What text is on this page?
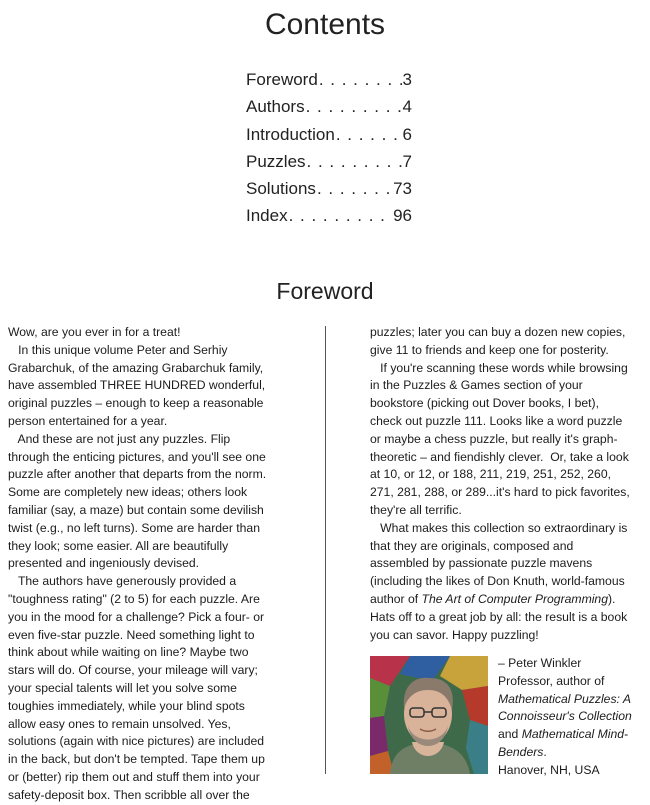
Contents
Foreword . . .	3
Authors . . .	4
Introduction . . .	6
Puzzles . . .	7
Solutions . . .	73
Index . . .	96
Foreword
Wow, are you ever in for a treat!
In this unique volume Peter and Serhiy
Grabarchuk, of the amazing Grabarchuk family,
have assembled THREE HUNDRED wonderful,
original puzzles – enough to keep a reasonable
person entertained for a year.
And these are not just any puzzles. Flip
through the enticing pictures, and you'll see one
puzzle after another that departs from the norm.
Some are completely new ideas; others look
familiar (say, a maze) but contain some devilish
twist (e.g., no left turns). Some are harder than
they look; some easier. All are beautifully
presented and ingeniously devised.
The authors have generously provided a
"toughness rating" (2 to 5) for each puzzle. Are
you in the mood for a challenge? Pick a four- or
even five-star puzzle. Need something light to
think about while waiting on line? Maybe two
stars will do. Of course, your mileage will vary;
your special talents will let you solve some
toughies immediately, while your blind spots
allow easy ones to remain unsolved. Yes,
solutions (again with nice pictures) are included
in the back, but don't be tempted. Tape them up
or (better) rip them out and stuff them into your
safety-deposit box. Then scribble all over the
puzzles; later you can buy a dozen new copies,
give 11 to friends and keep one for posterity.
If you're scanning these words while browsing
in the Puzzles & Games section of your
bookstore (picking out Dover books, I bet),
check out puzzle 111. Looks like a word puzzle
or maybe a chess puzzle, but really it's graph-
theoretic – and fiendishly clever.  Or, take a look
at 10, or 12, or 188, 211, 219, 251, 252, 260,
271, 281, 288, or 289...it's hard to pick favorites,
they're all terrific.
What makes this collection so extraordinary is
that they are originals, composed and
assembled by passionate puzzle mavens
(including the likes of Don Knuth, world-famous
author of The Art of Computer Programming).
Hats off to a great job by all: the result is a book
you can savor. Happy puzzling!
– Peter Winkler
Professor, author of
Mathematical Puzzles: A
Connoisseur's Collection
and Mathematical Mind-
Benders.
Hanover, NH, USA
